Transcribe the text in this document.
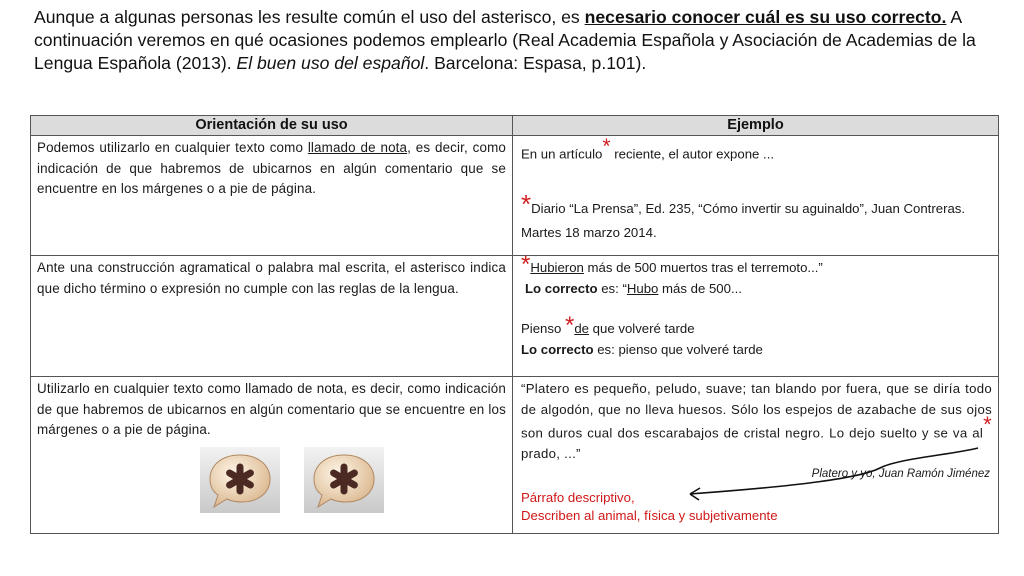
Aunque a algunas personas les resulte común el uso del asterisco, es necesario conocer cuál es su uso correcto. A continuación veremos en qué ocasiones podemos emplearlo (Real Academia Española y Asociación de Academias de la Lengua Española (2013). El buen uso del español. Barcelona: Espasa, p.101).
Orientación de su uso	Ejemplo
Podemos utilizarlo en cualquier texto como llamado de nota, es decir, como indicación de que habremos de ubicarnos en algún comentario que se encuentre en los márgenes o a pie de página.	En un artículo* reciente, el autor expone ...
*Diario “La Prensa”, Ed. 235, “Cómo invertir su aguinaldo”, Juan Contreras. Martes 18 marzo 2014.

Ante una construcción agramatical o palabra mal escrita, el asterisco indica que dicho término o expresión no cumple con las reglas de la lengua.	*Hubieron más de 500 muertos tras el terremoto...”
Lo correcto es: “Hubo más de 500...
Pienso *de que volveré tarde
Lo correcto es: pienso que volveré tarde

Utilizarlo en cualquier texto como llamado de nota, es decir, como indicación de que habremos de ubicarnos en algún comentario que se encuentre en los márgenes o a pie de página.	“Platero es pequeño, peludo, suave; tan blando por fuera, que se diría todo de algodón, que no lleva huesos. Sólo los espejos de azabache de sus ojos son duros cual dos escarabajos de cristal negro. Lo dejo suelto y se va al* prado, ...”
Platero y yo, Juan Ramón Jiménez
Párrafo descriptivo,
Describen al animal, física y subjetivamente
